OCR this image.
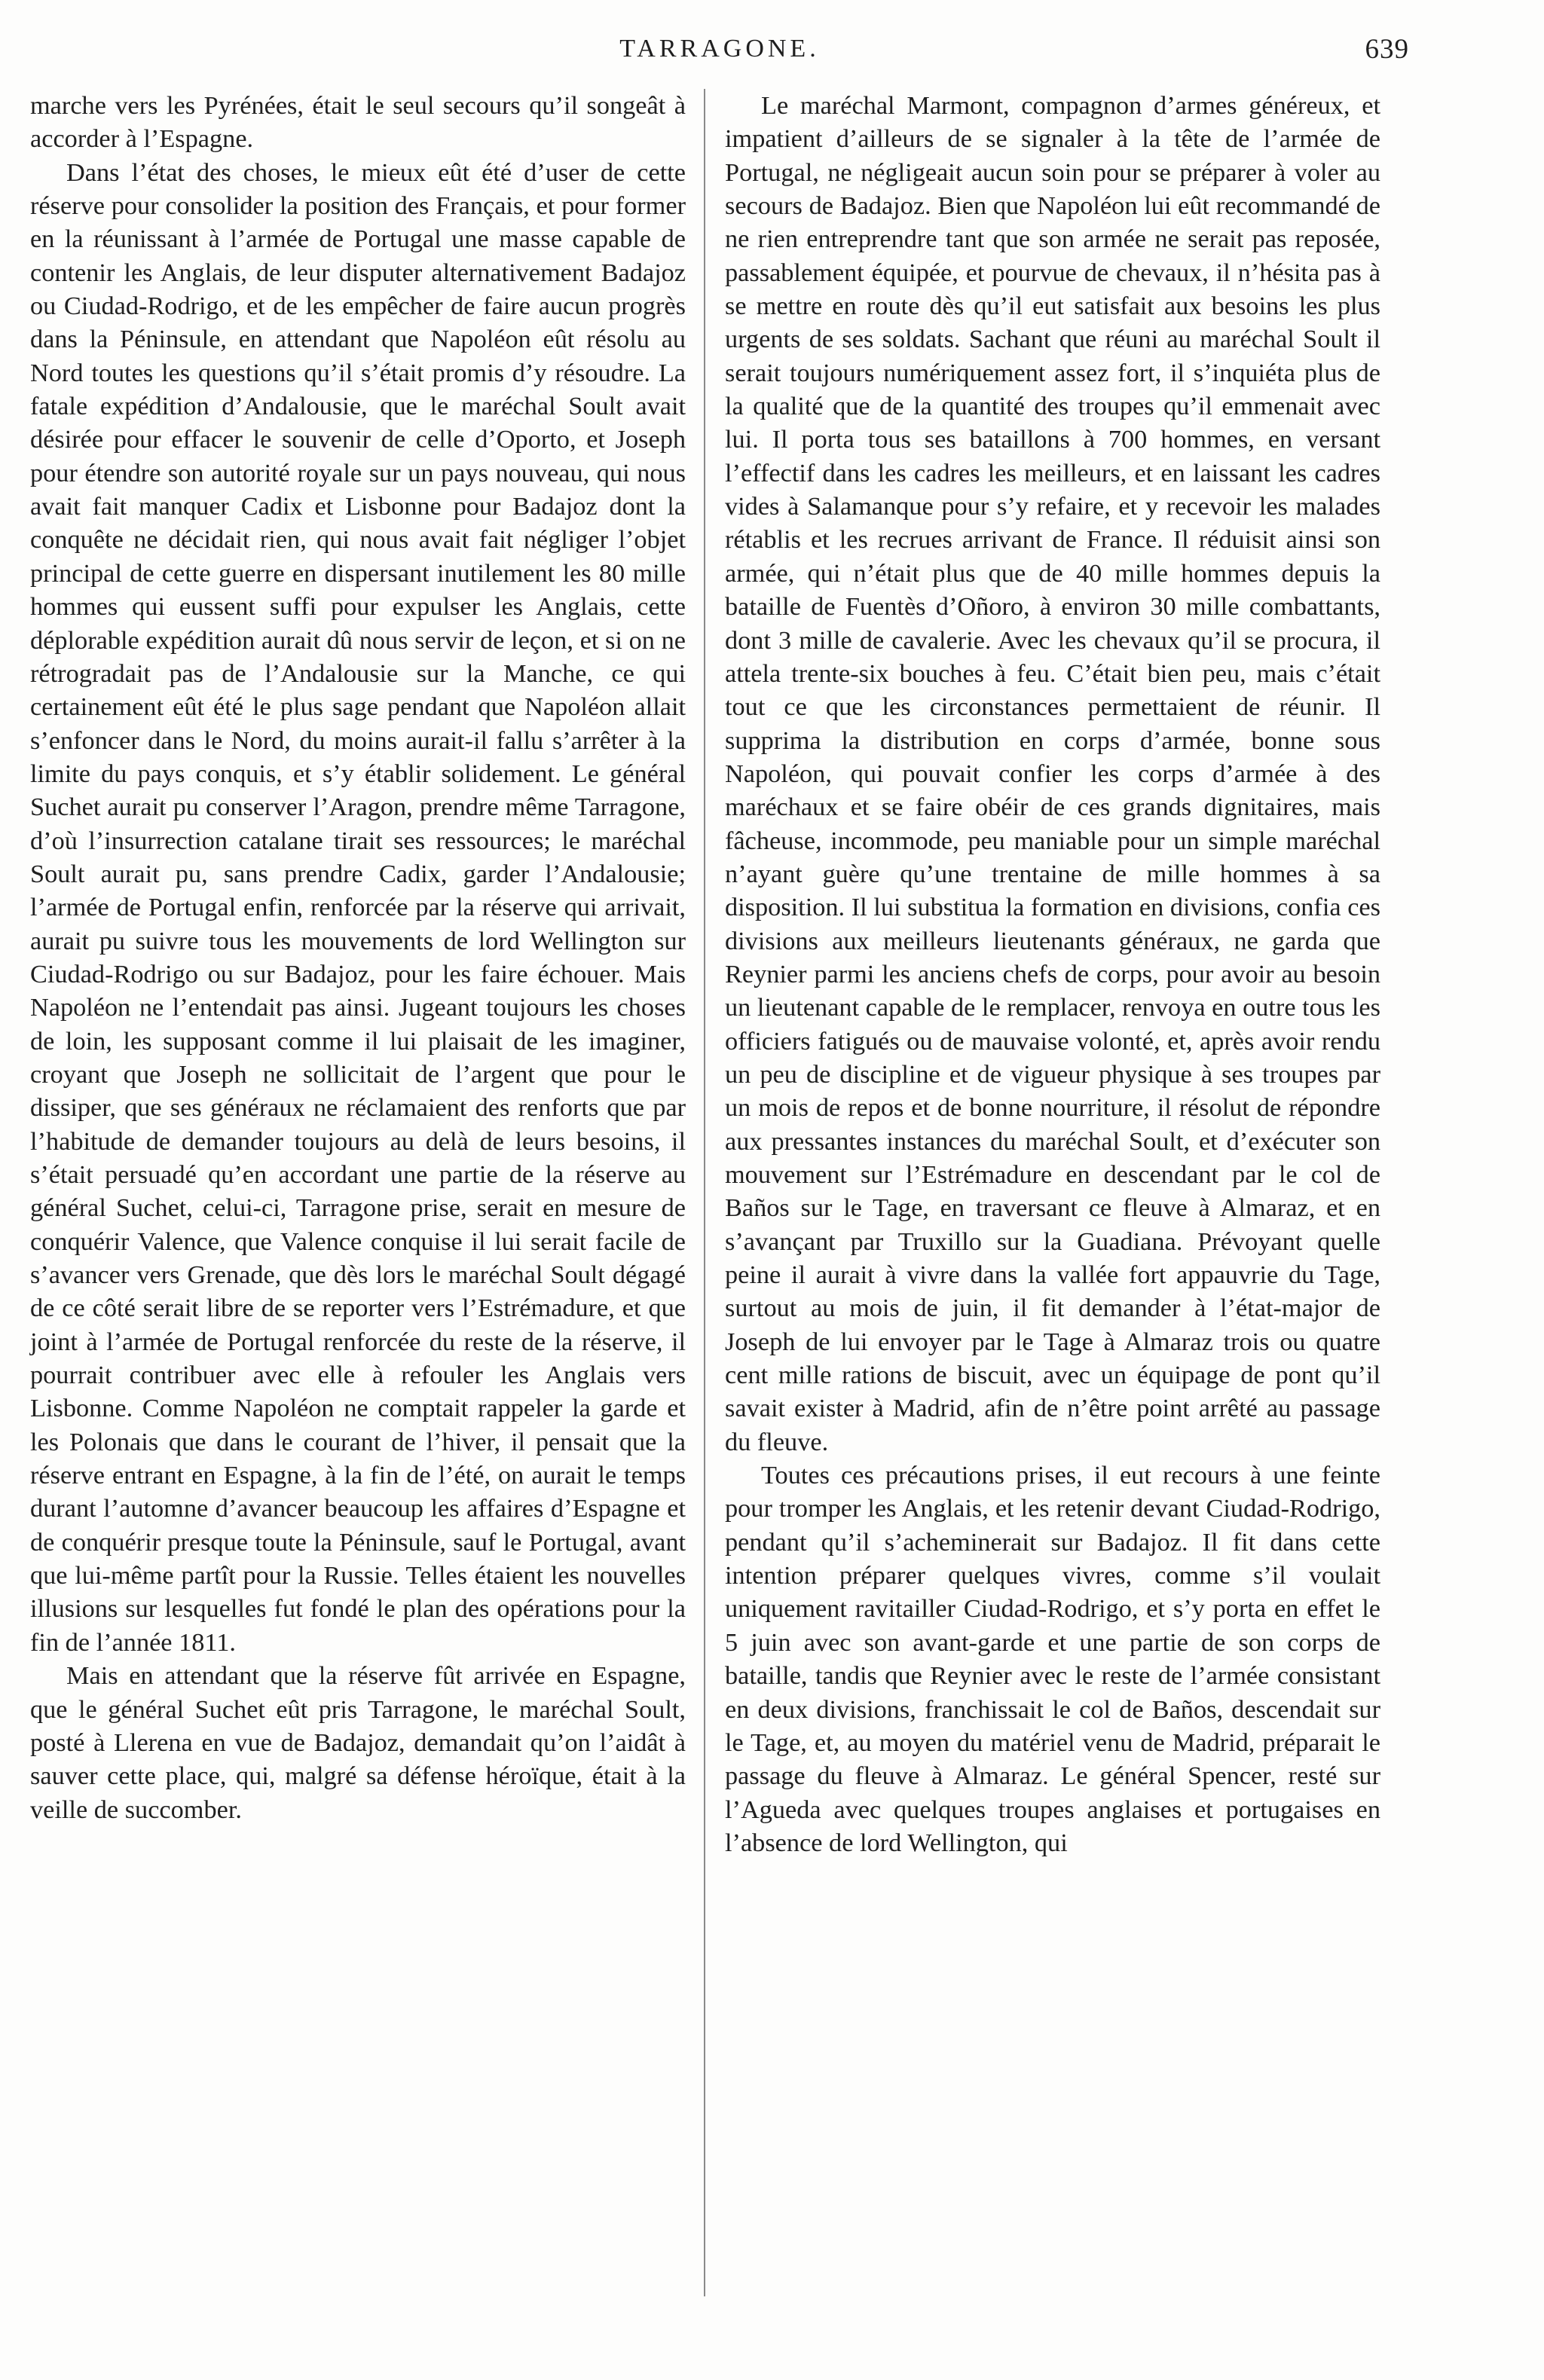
TARRAGONE.	639

marche vers les Pyrénées, était le seul secours qu’il songeât à accorder à l’Espagne.

Dans l’état des choses, le mieux eût été d’user de cette réserve pour consolider la position des Français, et pour former en la réunissant à l’armée de Portugal une masse capable de contenir les Anglais, de leur disputer alternativement Badajoz ou Ciudad-Rodrigo, et de les empêcher de faire aucun progrès dans la Péninsule, en attendant que Napoléon eût résolu au Nord toutes les questions qu’il s’était promis d’y résoudre. La fatale expédition d’Andalousie, que le maréchal Soult avait désirée pour effacer le souvenir de celle d’Oporto, et Joseph pour étendre son autorité royale sur un pays nouveau, qui nous avait fait manquer Cadix et Lisbonne pour Badajoz dont la conquête ne décidait rien, qui nous avait fait négliger l’objet principal de cette guerre en dispersant inutilement les 80 mille hommes qui eussent suffi pour expulser les Anglais, cette déplorable expédition aurait dû nous servir de leçon, et si on ne rétrogradait pas de l’Andalousie sur la Manche, ce qui certainement eût été le plus sage pendant que Napoléon allait s’enfoncer dans le Nord, du moins aurait-il fallu s’arrêter à la limite du pays conquis, et s’y établir solidement. Le général Suchet aurait pu conserver l’Aragon, prendre même Tarragone, d’où l’insurrection catalane tirait ses ressources; le maréchal Soult aurait pu, sans prendre Cadix, garder l’Andalousie; l’armée de Portugal enfin, renforcée par la réserve qui arrivait, aurait pu suivre tous les mouvements de lord Wellington sur Ciudad-Rodrigo ou sur Badajoz, pour les faire échouer. Mais Napoléon ne l’entendait pas ainsi. Jugeant toujours les choses de loin, les supposant comme il lui plaisait de les imaginer, croyant que Joseph ne sollicitait de l’argent que pour le dissiper, que ses généraux ne réclamaient des renforts que par l’habitude de demander toujours au delà de leurs besoins, il s’était persuadé qu’en accordant une partie de la réserve au général Suchet, celui-ci, Tarragone prise, serait en mesure de conquérir Valence, que Valence conquise il lui serait facile de s’avancer vers Grenade, que dès lors le maréchal Soult dégagé de ce côté serait libre de se reporter vers l’Estrémadure, et que joint à l’armée de Portugal renforcée du reste de la réserve, il pourrait contribuer avec elle à refouler les Anglais vers Lisbonne. Comme Napoléon ne comptait rappeler la garde et les Polonais que dans le courant de l’hiver, il pensait que la réserve entrant en Espagne, à la fin de l’été, on aurait le temps durant l’automne d’avancer beaucoup les affaires d’Espagne et de conquérir presque toute la Péninsule, sauf le Portugal, avant que lui-même partît pour la Russie. Telles étaient les nouvelles illusions sur lesquelles fut fondé le plan des opérations pour la fin de l’année 1811.

Mais en attendant que la réserve fût arrivée en Espagne, que le général Suchet eût pris Tarragone, le maréchal Soult, posté à Llerena en vue de Badajoz, demandait qu’on l’aidât à sauver cette place, qui, malgré sa défense héroïque, était à la veille de succomber.

Le maréchal Marmont, compagnon d’armes généreux, et impatient d’ailleurs de se signaler à la tête de l’armée de Portugal, ne négligeait aucun soin pour se préparer à voler au secours de Badajoz. Bien que Napoléon lui eût recommandé de ne rien entreprendre tant que son armée ne serait pas reposée, passablement équipée, et pourvue de chevaux, il n’hésita pas à se mettre en route dès qu’il eut satisfait aux besoins les plus urgents de ses soldats. Sachant que réuni au maréchal Soult il serait toujours numériquement assez fort, il s’inquiéta plus de la qualité que de la quantité des troupes qu’il emmenait avec lui. Il porta tous ses bataillons à 700 hommes, en versant l’effectif dans les cadres les meilleurs, et en laissant les cadres vides à Salamanque pour s’y refaire, et y recevoir les malades rétablis et les recrues arrivant de France. Il réduisit ainsi son armée, qui n’était plus que de 40 mille hommes depuis la bataille de Fuentès d’Oñoro, à environ 30 mille combattants, dont 3 mille de cavalerie. Avec les chevaux qu’il se procura, il attela trente-six bouches à feu. C’était bien peu, mais c’était tout ce que les circonstances permettaient de réunir. Il supprima la distribution en corps d’armée, bonne sous Napoléon, qui pouvait confier les corps d’armée à des maréchaux et se faire obéir de ces grands dignitaires, mais fâcheuse, incommode, peu maniable pour un simple maréchal n’ayant guère qu’une trentaine de mille hommes à sa disposition. Il lui substitua la formation en divisions, confia ces divisions aux meilleurs lieutenants généraux, ne garda que Reynier parmi les anciens chefs de corps, pour avoir au besoin un lieutenant capable de le remplacer, renvoya en outre tous les officiers fatigués ou de mauvaise volonté, et, après avoir rendu un peu de discipline et de vigueur physique à ses troupes par un mois de repos et de bonne nourriture, il résolut de répondre aux pressantes instances du maréchal Soult, et d’exécuter son mouvement sur l’Estrémadure en descendant par le col de Baños sur le Tage, en traversant ce fleuve à Almaraz, et en s’avançant par Truxillo sur la Guadiana. Prévoyant quelle peine il aurait à vivre dans la vallée fort appauvrie du Tage, surtout au mois de juin, il fit demander à l’état-major de Joseph de lui envoyer par le Tage à Almaraz trois ou quatre cent mille rations de biscuit, avec un équipage de pont qu’il savait exister à Madrid, afin de n’être point arrêté au passage du fleuve.

Toutes ces précautions prises, il eut recours à une feinte pour tromper les Anglais, et les retenir devant Ciudad-Rodrigo, pendant qu’il s’acheminerait sur Badajoz. Il fit dans cette intention préparer quelques vivres, comme s’il voulait uniquement ravitailler Ciudad-Rodrigo, et s’y porta en effet le 5 juin avec son avant-garde et une partie de son corps de bataille, tandis que Reynier avec le reste de l’armée consistant en deux divisions, franchissait le col de Baños, descendait sur le Tage, et, au moyen du matériel venu de Madrid, préparait le passage du fleuve à Almaraz. Le général Spencer, resté sur l’Agueda avec quelques troupes anglaises et portugaises en l’absence de lord Wellington, qui
